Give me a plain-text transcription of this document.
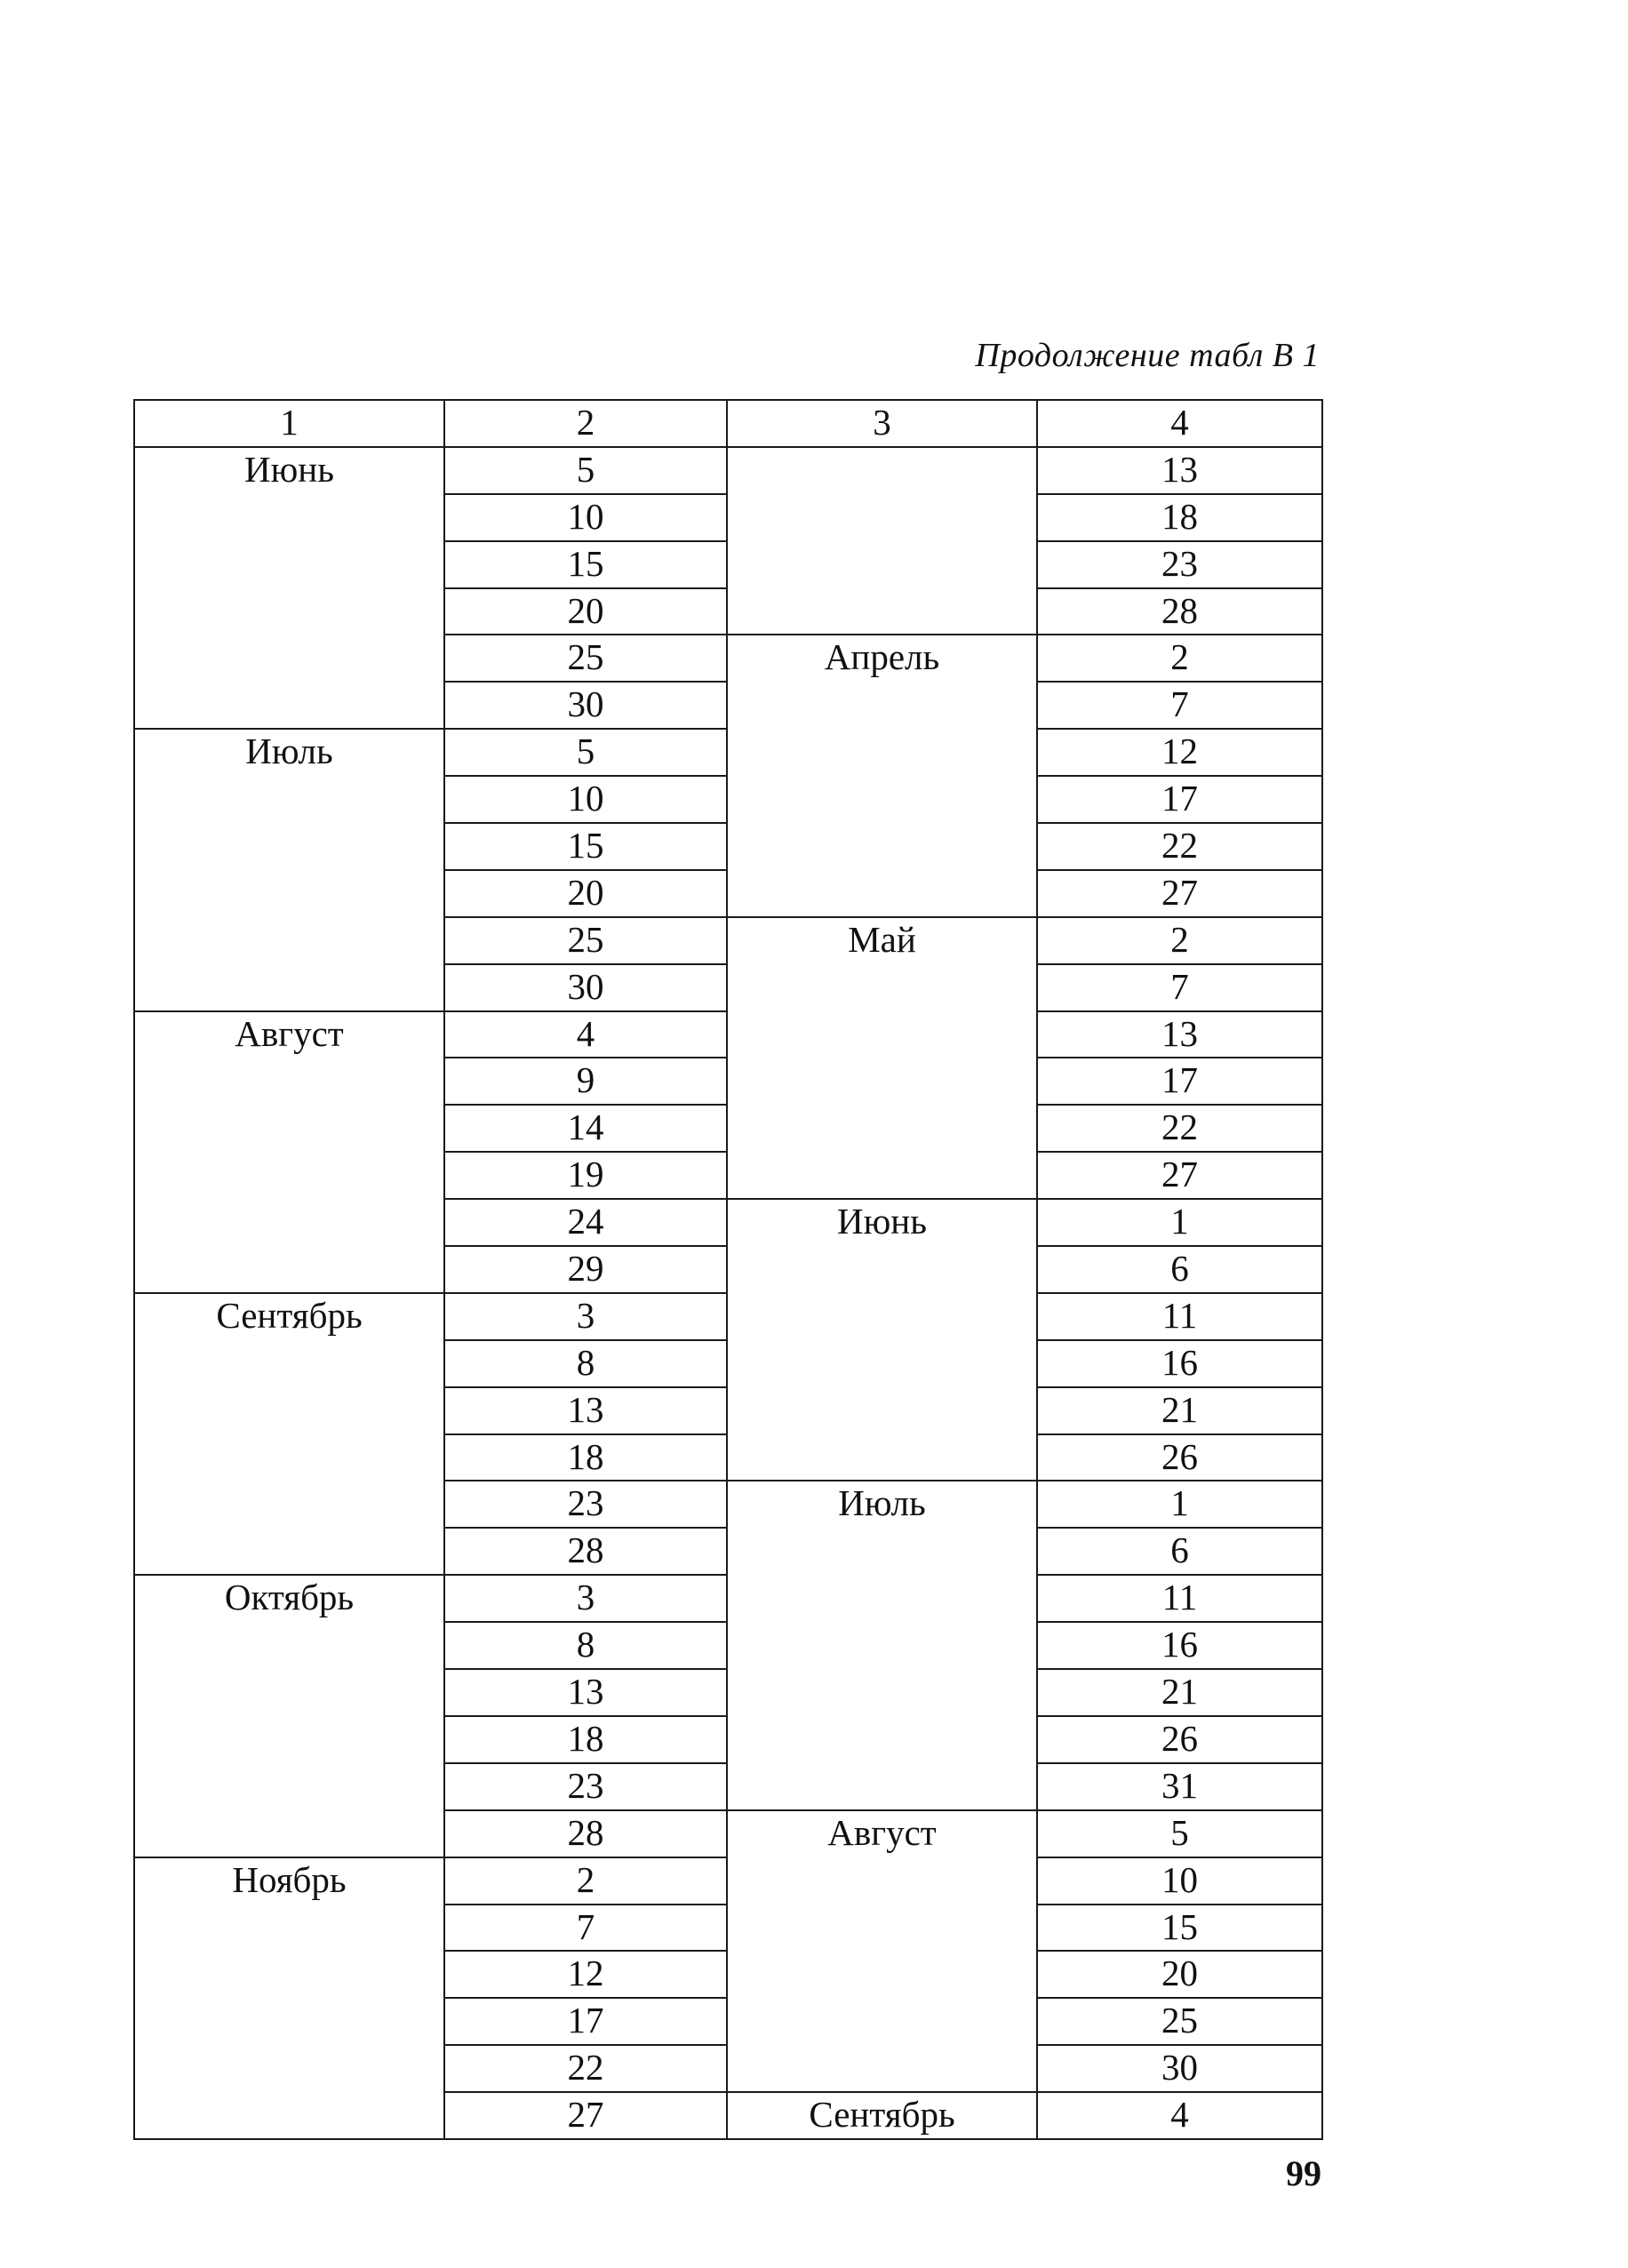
Продолжение табл В 1
1	2	3	4
Июнь	5		13
	10		18
	15		23
	20		28
	25	Апрель	2
	30		7
Июль	5		12
	10		17
	15		22
	20		27
	25	Май	2
	30		7
Август	4		13
	9		17
	14		22
	19		27
	24	Июнь	1
	29		6
Сентябрь	3		11
	8		16
	13		21
	18		26
	23	Июль	1
	28		6
Октябрь	3		11
	8		16
	13		21
	18		26
	23		31
	28	Август	5
Ноябрь	2		10
	7		15
	12		20
	17		25
	22		30
	27	Сентябрь	4
99
